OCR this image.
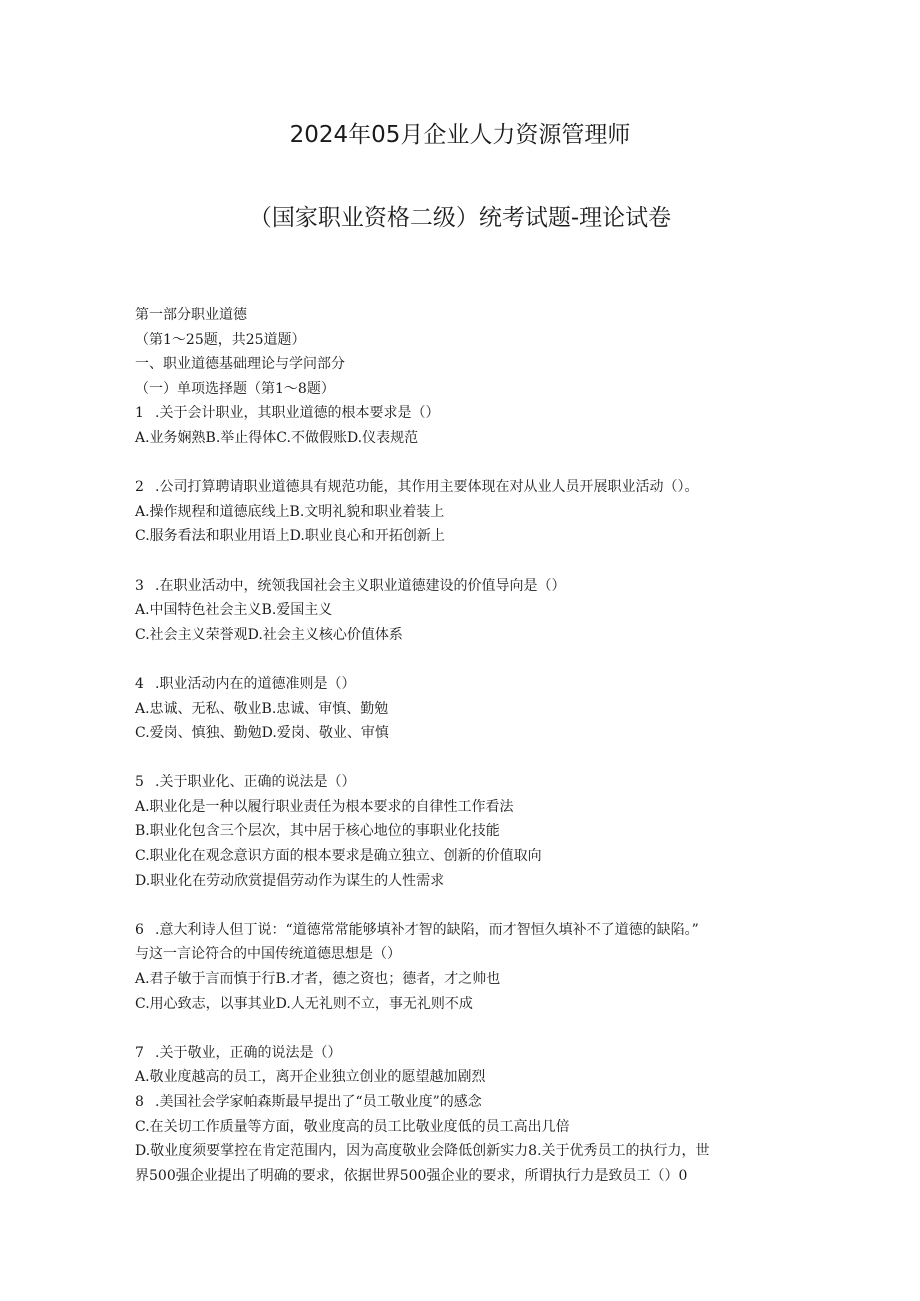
2024年05月企业人力资源管理师
（国家职业资格二级）统考试题-理论试卷
第一部分职业道德
（第1～25题，共25道题）
一、职业道德基础理论与学问部分
（一）单项选择题（第1～8题）
1 .关于会计职业，其职业道德的根本要求是（）
A.业务娴熟B.举止得体C.不做假账D.仪表规范
2 .公司打算聘请职业道德具有规范功能，其作用主要体现在对从业人员开展职业活动（）。
A.操作规程和道德底线上B.文明礼貌和职业着装上
C.服务看法和职业用语上D.职业良心和开拓创新上
3 .在职业活动中，统领我国社会主义职业道德建设的价值导向是（）
A.中国特色社会主义B.爱国主义
C.社会主义荣誉观D.社会主义核心价值体系
4 .职业活动内在的道德准则是（）
A.忠诚、无私、敬业B.忠诚、审慎、勤勉
C.爱岗、慎独、勤勉D.爱岗、敬业、审慎
5 .关于职业化、正确的说法是（）
A.职业化是一种以履行职业责任为根本要求的自律性工作看法
B.职业化包含三个层次，其中居于核心地位的事职业化技能
C.职业化在观念意识方面的根本要求是确立独立、创新的价值取向
D.职业化在劳动欣赏提倡劳动作为谋生的人性需求
6 .意大利诗人但丁说：“道德常常能够填补才智的缺陷，而才智恒久填补不了道德的缺陷。”
与这一言论符合的中国传统道德思想是（）
A.君子敏于言而慎于行B.才者，德之资也；德者，才之帅也
C.用心致志，以事其业D.人无礼则不立，事无礼则不成
7 .关于敬业，正确的说法是（）
A.敬业度越高的员工，离开企业独立创业的愿望越加剧烈
8 .美国社会学家帕森斯最早提出了“员工敬业度”的感念
C.在关切工作质量等方面，敬业度高的员工比敬业度低的员工高出几倍
D.敬业度须要掌控在肯定范围内，因为高度敬业会降低创新实力8.关于优秀员工的执行力，世
界500强企业提出了明确的要求，依据世界500强企业的要求，所谓执行力是致员工（）0
